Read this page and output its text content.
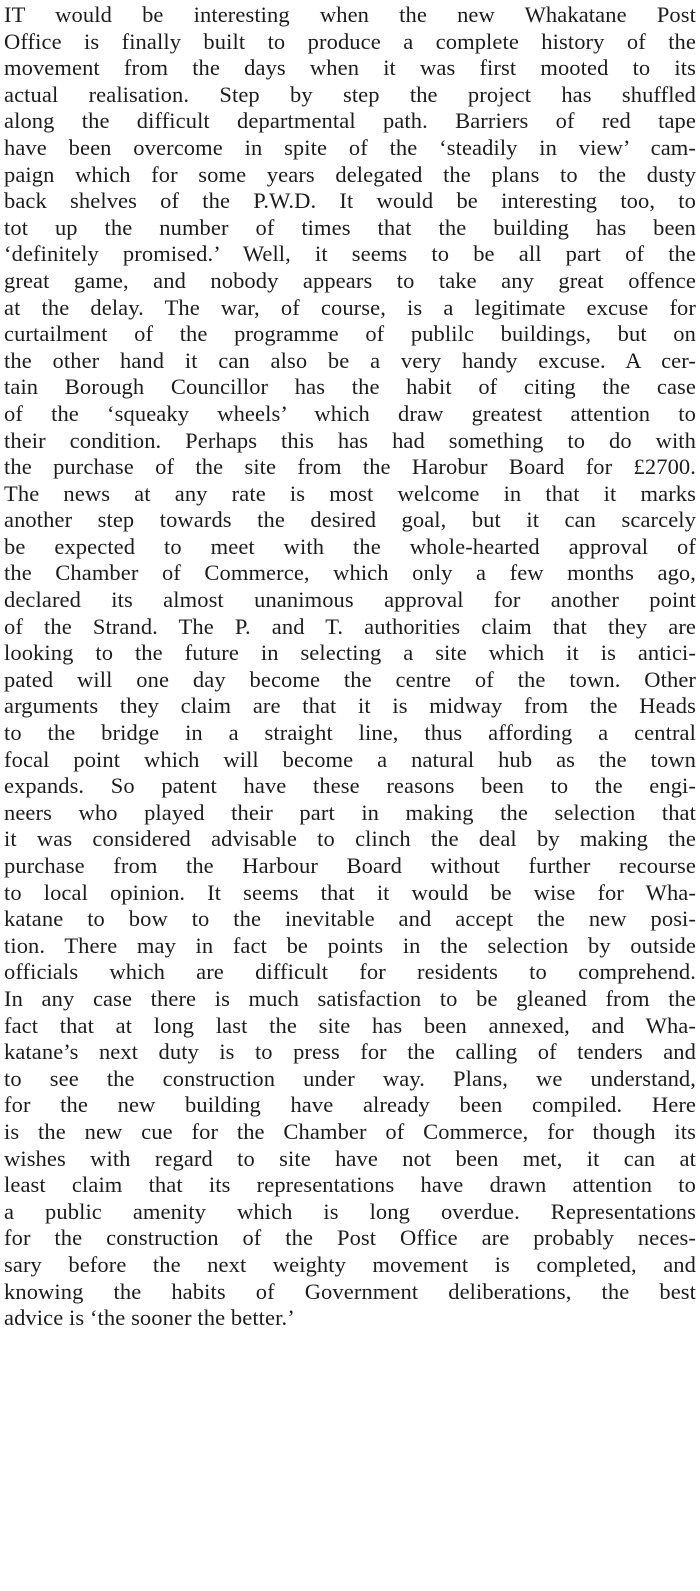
IT would be interesting when the new Whakatane Post
Office is finally built to produce a complete history of the
movement from the days when it was first mooted to its
actual realisation. Step by step the project has shuffled
along the difficult departmental path. Barriers of red tape
have been overcome in spite of the ‘steadily in view’ cam-
paign which for some years delegated the plans to the dusty
back shelves of the P.W.D. It would be interesting too, to
tot up the number of times that the building has been
‘definitely promised.’ Well, it seems to be all part of the
great game, and nobody appears to take any great offence
at the delay. The war, of course, is a legitimate excuse for
curtailment of the programme of publilc buildings, but on
the other hand it can also be a very handy excuse. A cer-
tain Borough Councillor has the habit of citing the case
of the ‘squeaky wheels’ which draw greatest attention to
their condition. Perhaps this has had something to do with
the purchase of the site from the Harobur Board for £2700.
The news at any rate is most welcome in that it marks
another step towards the desired goal, but it can scarcely
be expected to meet with the whole-hearted approval of
the Chamber of Commerce, which only a few months ago,
declared its almost unanimous approval for another point
of the Strand. The P. and T. authorities claim that they are
looking to the future in selecting a site which it is antici-
pated will one day become the centre of the town. Other
arguments they claim are that it is midway from the Heads
to the bridge in a straight line, thus affording a central
focal point which will become a natural hub as the town
expands. So patent have these reasons been to the engi-
neers who played their part in making the selection that
it was considered advisable to clinch the deal by making the
purchase from the Harbour Board without further recourse
to local opinion. It seems that it would be wise for Wha-
katane to bow to the inevitable and accept the new posi-
tion. There may in fact be points in the selection by outside
officials which are difficult for residents to comprehend.
In any case there is much satisfaction to be gleaned from the
fact that at long last the site has been annexed, and Wha-
katane’s next duty is to press for the calling of tenders and
to see the construction under way. Plans, we understand,
for the new building have already been compiled. Here
is the new cue for the Chamber of Commerce, for though its
wishes with regard to site have not been met, it can at
least claim that its representations have drawn attention to
a public amenity which is long overdue. Representations
for the construction of the Post Office are probably neces-
sary before the next weighty movement is completed, and
knowing the habits of Government deliberations, the best
advice is ‘the sooner the better.’
